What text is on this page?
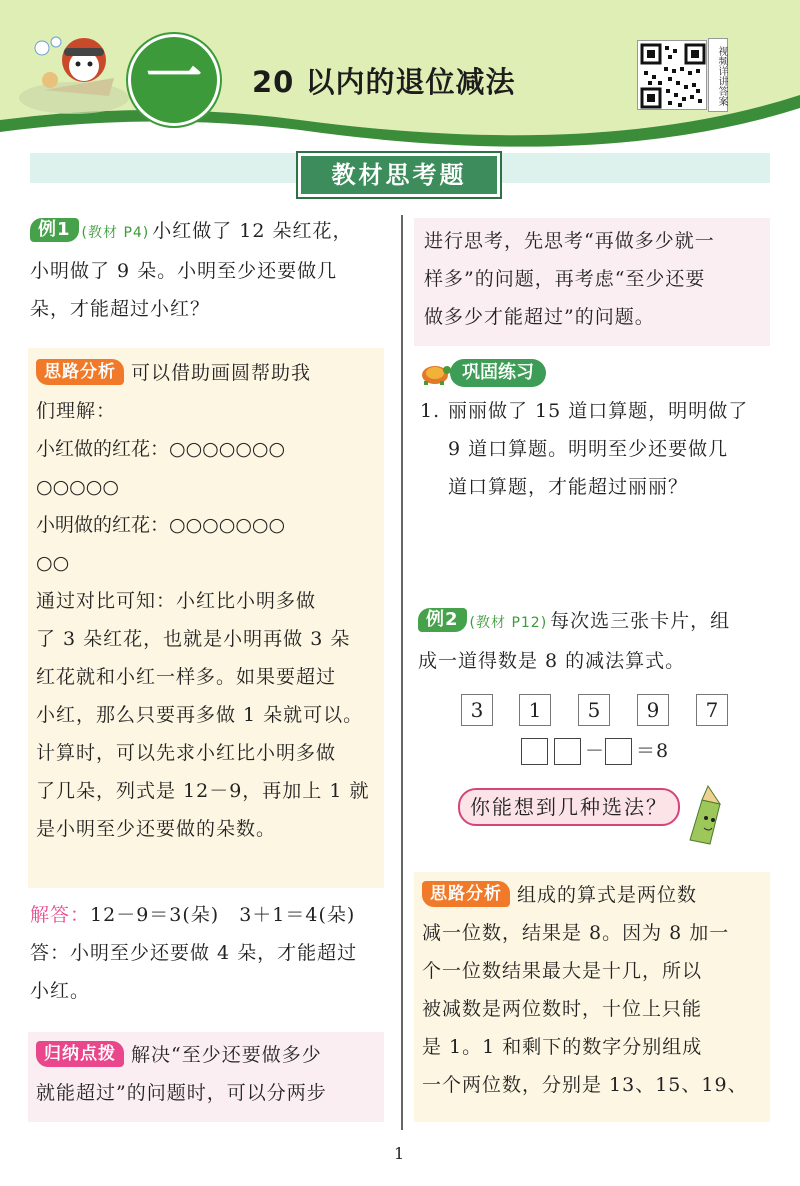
一	20 以内的退位减法	视频详讲答案
教材思考题
例1 (教材 P4) 小红做了 12 朵红花，
小明做了 9 朵。小明至少还要做几
朵，才能超过小红？
思路分析 可以借助画圆帮助我
们理解：
小红做的红花：○○○○○○○
○○○○○
小明做的红花：○○○○○○○
○○
通过对比可知：小红比小明多做
了 3 朵红花，也就是小明再做 3 朵
红花就和小红一样多。如果要超过
小红，那么只要再多做 1 朵就可以。
计算时，可以先求小红比小明多做
了几朵，列式是 12－9，再加上 1 就
是小明至少还要做的朵数。
解答：12－9＝3(朵)　3＋1＝4(朵)
答：小明至少还要做 4 朵，才能超过
小红。
归纳点拨 解决“至少还要做多少
就能超过”的问题时，可以分两步
进行思考，先思考“再做多少就一
样多”的问题，再考虑“至少还要
做多少才能超过”的问题。
巩固练习
1. 丽丽做了 15 道口算题，明明做了
9 道口算题。明明至少还要做几
道口算题，才能超过丽丽？
例2 (教材 P12) 每次选三张卡片，组
成一道得数是 8 的减法算式。
3	1	5	9	7
－ ＝8
你能想到几种选法？
思路分析 组成的算式是两位数
减一位数，结果是 8。因为 8 加一
个一位数结果最大是十几，所以
被减数是两位数时，十位上只能
是 1。1 和剩下的数字分别组成
一个两位数，分别是 13、15、19、
1
